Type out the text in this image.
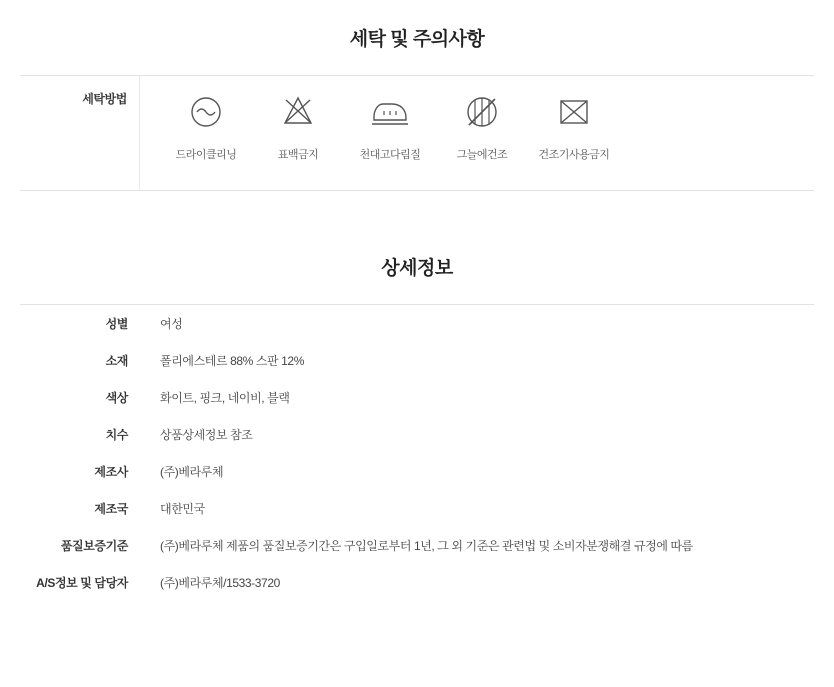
세탁 및 주의사항
세탁방법
드라이클리닝	표백금지	천대고다림질	그늘에건조	건조기사용금지
상세정보
성별	여성
소재	폴리에스테르 88% 스판 12%
색상	화이트, 핑크, 네이비, 블랙
치수	상품상세정보 참조
제조사	(주)베라루체
제조국	대한민국
품질보증기준	(주)베라루체 제품의 품질보증기간은 구입일로부터 1년, 그 외 기준은 관련법 및 소비자분쟁해결 규정에 따름
A/S정보 및 담당자	(주)베라루체/1533-3720
